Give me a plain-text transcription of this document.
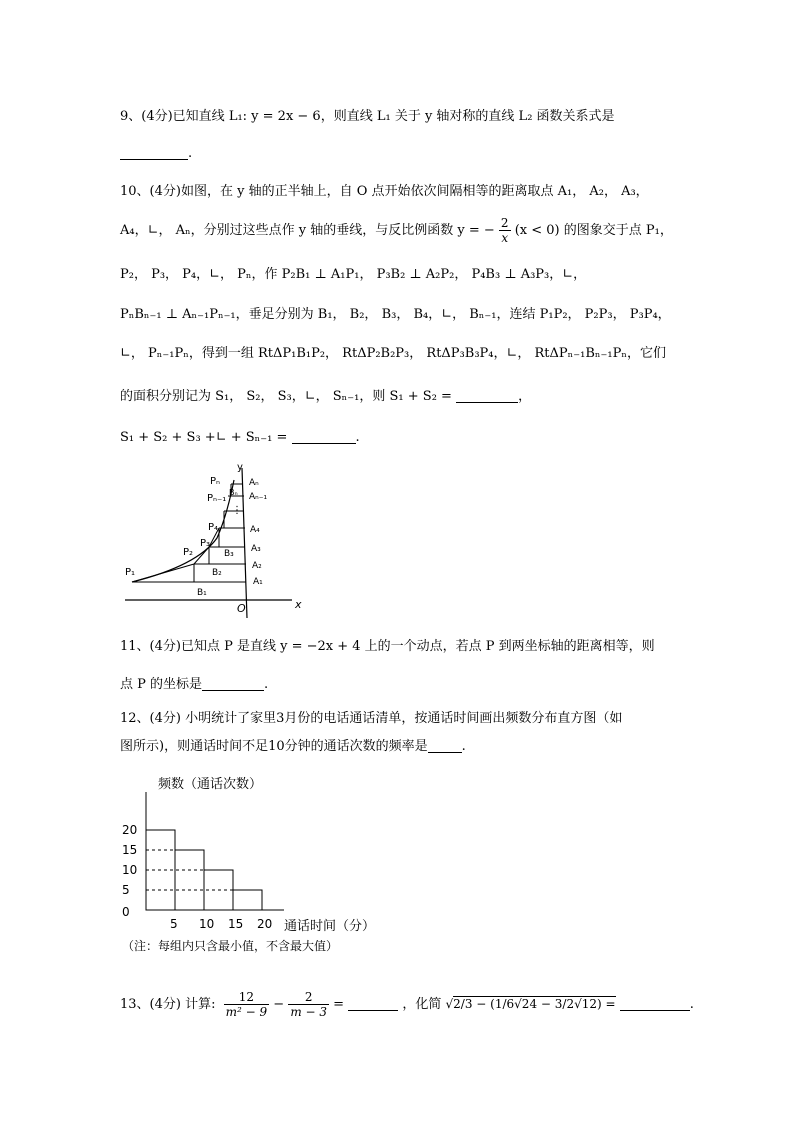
9、(4分)已知直线 L₁: y = 2x − 6，则直线 L₁ 关于 y 轴对称的直线 L₂ 函数关系式是
.
10、(4分)如图，在 y 轴的正半轴上，自 O 点开始依次间隔相等的距离取点 A₁， A₂， A₃，
A₄，∟， Aₙ，分别过这些点作 y 轴的垂线，与反比例函数 y = − $\frac{2}{x} (x < 0)$ 的图象交于点 P₁，
P₂， P₃， P₄，∟， Pₙ，作 P₂B₁ ⊥ A₁P₁， P₃B₂ ⊥ A₂P₂， P₄B₃ ⊥ A₃P₃，∟，
PₙBₙ₋₁ ⊥ Aₙ₋₁Pₙ₋₁，垂足分别为 B₁， B₂， B₃， B₄，∟， Bₙ₋₁，连结 P₁P₂， P₂P₃， P₃P₄，
∟， Pₙ₋₁Pₙ，得到一组 RtΔP₁B₁P₂， RtΔP₂B₂P₃， RtΔP₃B₃P₄，∟， RtΔPₙ₋₁Bₙ₋₁Pₙ，它们
的面积分别记为 S₁， S₂， S₃，∟， Sₙ₋₁，则 S₁ + S₂ =	，
S₁ + S₂ + S₃ +∟ + Sₙ₋₁ =	.
y
x
O
Pₙ
Pₙ₋₁
Bₙ
Aₙ
Aₙ₋₁
⋮
P₄
P₃
P₂
P₁
B₃
B₂
B₁
A₄
A₃
A₂
A₁
11、(4分)已知点 P 是直线 y = −2x + 4 上的一个动点，若点 P 到两坐标轴的距离相等，则
点 P 的坐标是	.
12、(4分) 小明统计了家里3月份的电话通话清单，按通话时间画出频数分布直方图（如
图所示)，则通话时间不足10分钟的通话次数的频率是	.
频数（通话次数）
通话时间（分）
（注：每组内只含最小值，不含最大值）
0
5
10
15
20
5 10 15 20
13、(4分) 计算: $\frac{12}{\text{m² − 9}} - \frac{2}{m - 3}$ =	，化简 √2/3 − (1/6√24 − 3/2√12) =	.
